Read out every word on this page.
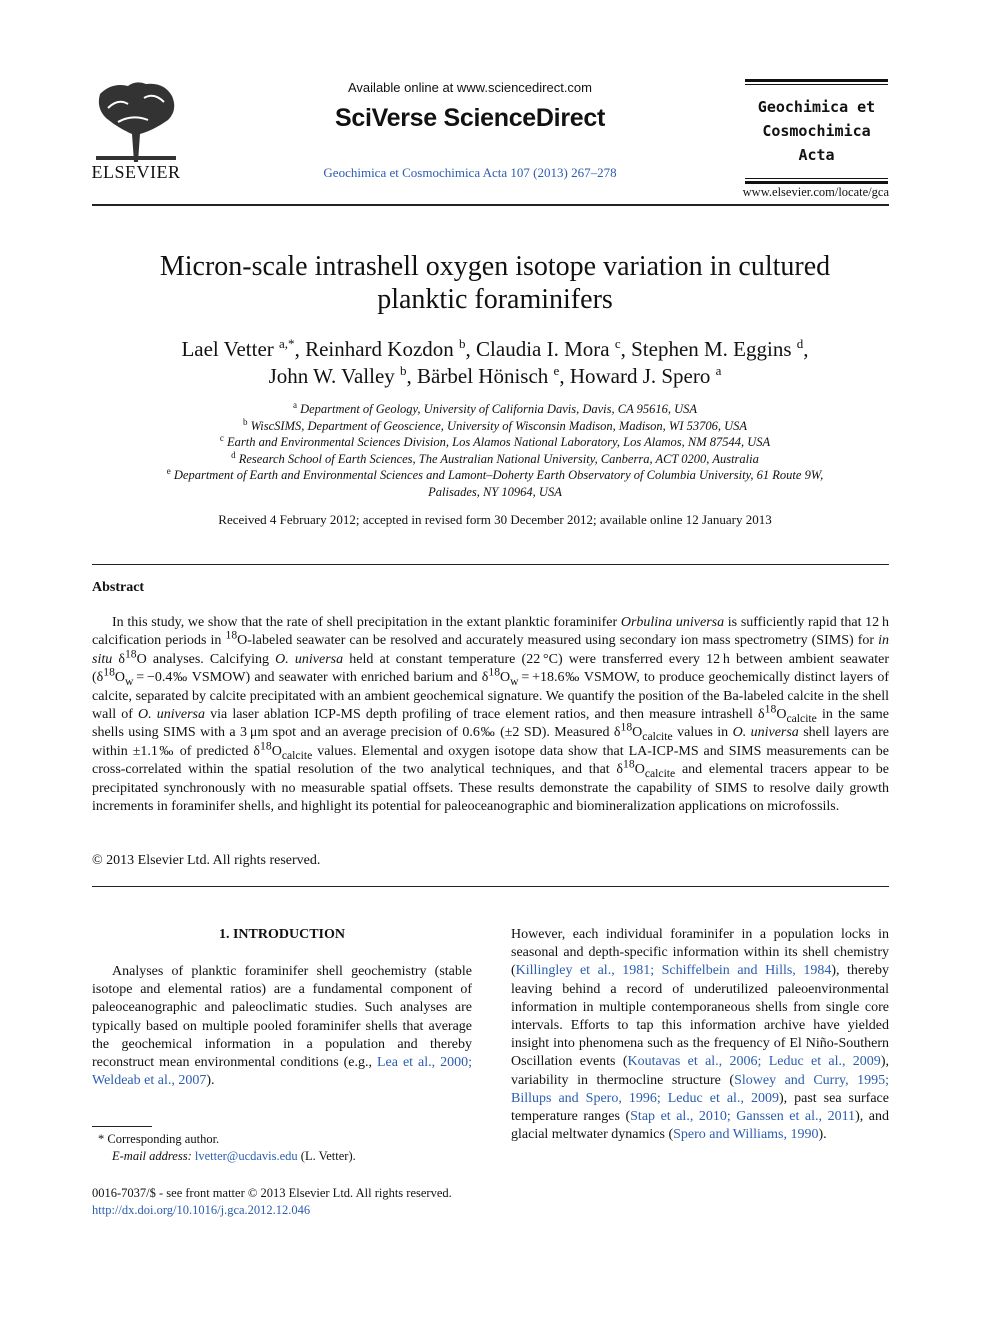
ELSEVIER
Available online at www.sciencedirect.com
SciVerse ScienceDirect
Geochimica et Cosmochimica Acta 107 (2013) 267–278
Geochimica et
Cosmochimica
Acta
www.elsevier.com/locate/gca
Micron-scale intrashell oxygen isotope variation in cultured
planktic foraminifers
Lael Vetter $^{a,*}$, Reinhard Kozdon $^b$, Claudia I. Mora $^c$, Stephen M. Eggins $^d$,
John W. Valley $^b$, Bärbel Hönisch $^e$, Howard J. Spero $^a$
$^a$ Department of Geology, University of California Davis, Davis, CA 95616, USA
$^b$ WiscSIMS, Department of Geoscience, University of Wisconsin Madison, Madison, WI 53706, USA
$^c$ Earth and Environmental Sciences Division, Los Alamos National Laboratory, Los Alamos, NM 87544, USA
$^d$ Research School of Earth Sciences, The Australian National University, Canberra, ACT 0200, Australia
$^e$ Department of Earth and Environmental Sciences and Lamont–Doherty Earth Observatory of Columbia University, 61 Route 9W,
Palisades, NY 10964, USA
Received 4 February 2012; accepted in revised form 30 December 2012; available online 12 January 2013
Abstract

In this study, we show that the rate of shell precipitation in the extant planktic foraminifer Orbulina universa is sufficiently rapid that 12 h calcification periods in $^{18}$O-labeled seawater can be resolved and accurately measured using secondary ion mass spectrometry (SIMS) for in situ $\delta^{18}O$ analyses. Calcifying O. universa held at constant temperature (22 °C) were transferred every 12 h between ambient seawater ($\delta^{18}O_w$ = −0.4‰ VSMOW) and seawater with enriched barium and $\delta^{18}O_w$ = +18.6‰ VSMOW, to produce geochemically distinct layers of calcite, separated by calcite precipitated with an ambient geochemical signature. We quantify the position of the Ba-labeled calcite in the shell wall of O. universa via laser ablation ICP-MS depth profiling of trace element ratios, and then measure intrashell $\delta^{18}O_{calcite}$ in the same shells using SIMS with a 3 μm spot and an average precision of 0.6‰ (±2 SD). Measured $\delta^{18}O_{calcite}$ values in O. universa shell layers are within ±1.1‰ of predicted $\delta^{18}O_{calcite}$ values. Elemental and oxygen isotope data show that LA-ICP-MS and SIMS measurements can be cross-correlated within the spatial resolution of the two analytical techniques, and that $\delta^{18}O_{calcite}$ and elemental tracers appear to be precipitated synchronously with no measurable spatial offsets. These results demonstrate the capability of SIMS to resolve daily growth increments in foraminifer shells, and highlight its potential for paleoceanographic and biomineralization applications on microfossils.

© 2013 Elsevier Ltd. All rights reserved.
1. INTRODUCTION
Analyses of planktic foraminifer shell geochemistry (stable isotope and elemental ratios) are a fundamental component of paleoceanographic and paleoclimatic studies. Such analyses are typically based on multiple pooled foraminifer shells that average the geochemical information in a population and thereby reconstruct mean environmental conditions (e.g., Lea et al., 2000; Weldeab et al., 2007).
However, each individual foraminifer in a population locks in seasonal and depth-specific information within its shell chemistry (Killingley et al., 1981; Schiffelbein and Hills, 1984), thereby leaving behind a record of underutilized paleoenvironmental information in multiple contemporaneous shells from single core intervals. Efforts to tap this information archive have yielded insight into phenomena such as the frequency of El Niño-Southern Oscillation events (Koutavas et al., 2006; Leduc et al., 2009), variability in thermocline structure (Slowey and Curry, 1995; Billups and Spero, 1996; Leduc et al., 2009), past sea surface temperature ranges (Stap et al., 2010; Ganssen et al., 2011), and glacial meltwater dynamics (Spero and Williams, 1990).
* Corresponding author.
E-mail address: lvetter@ucdavis.edu (L. Vetter).
0016-7037/$ - see front matter © 2013 Elsevier Ltd. All rights reserved.
http://dx.doi.org/10.1016/j.gca.2012.12.046
